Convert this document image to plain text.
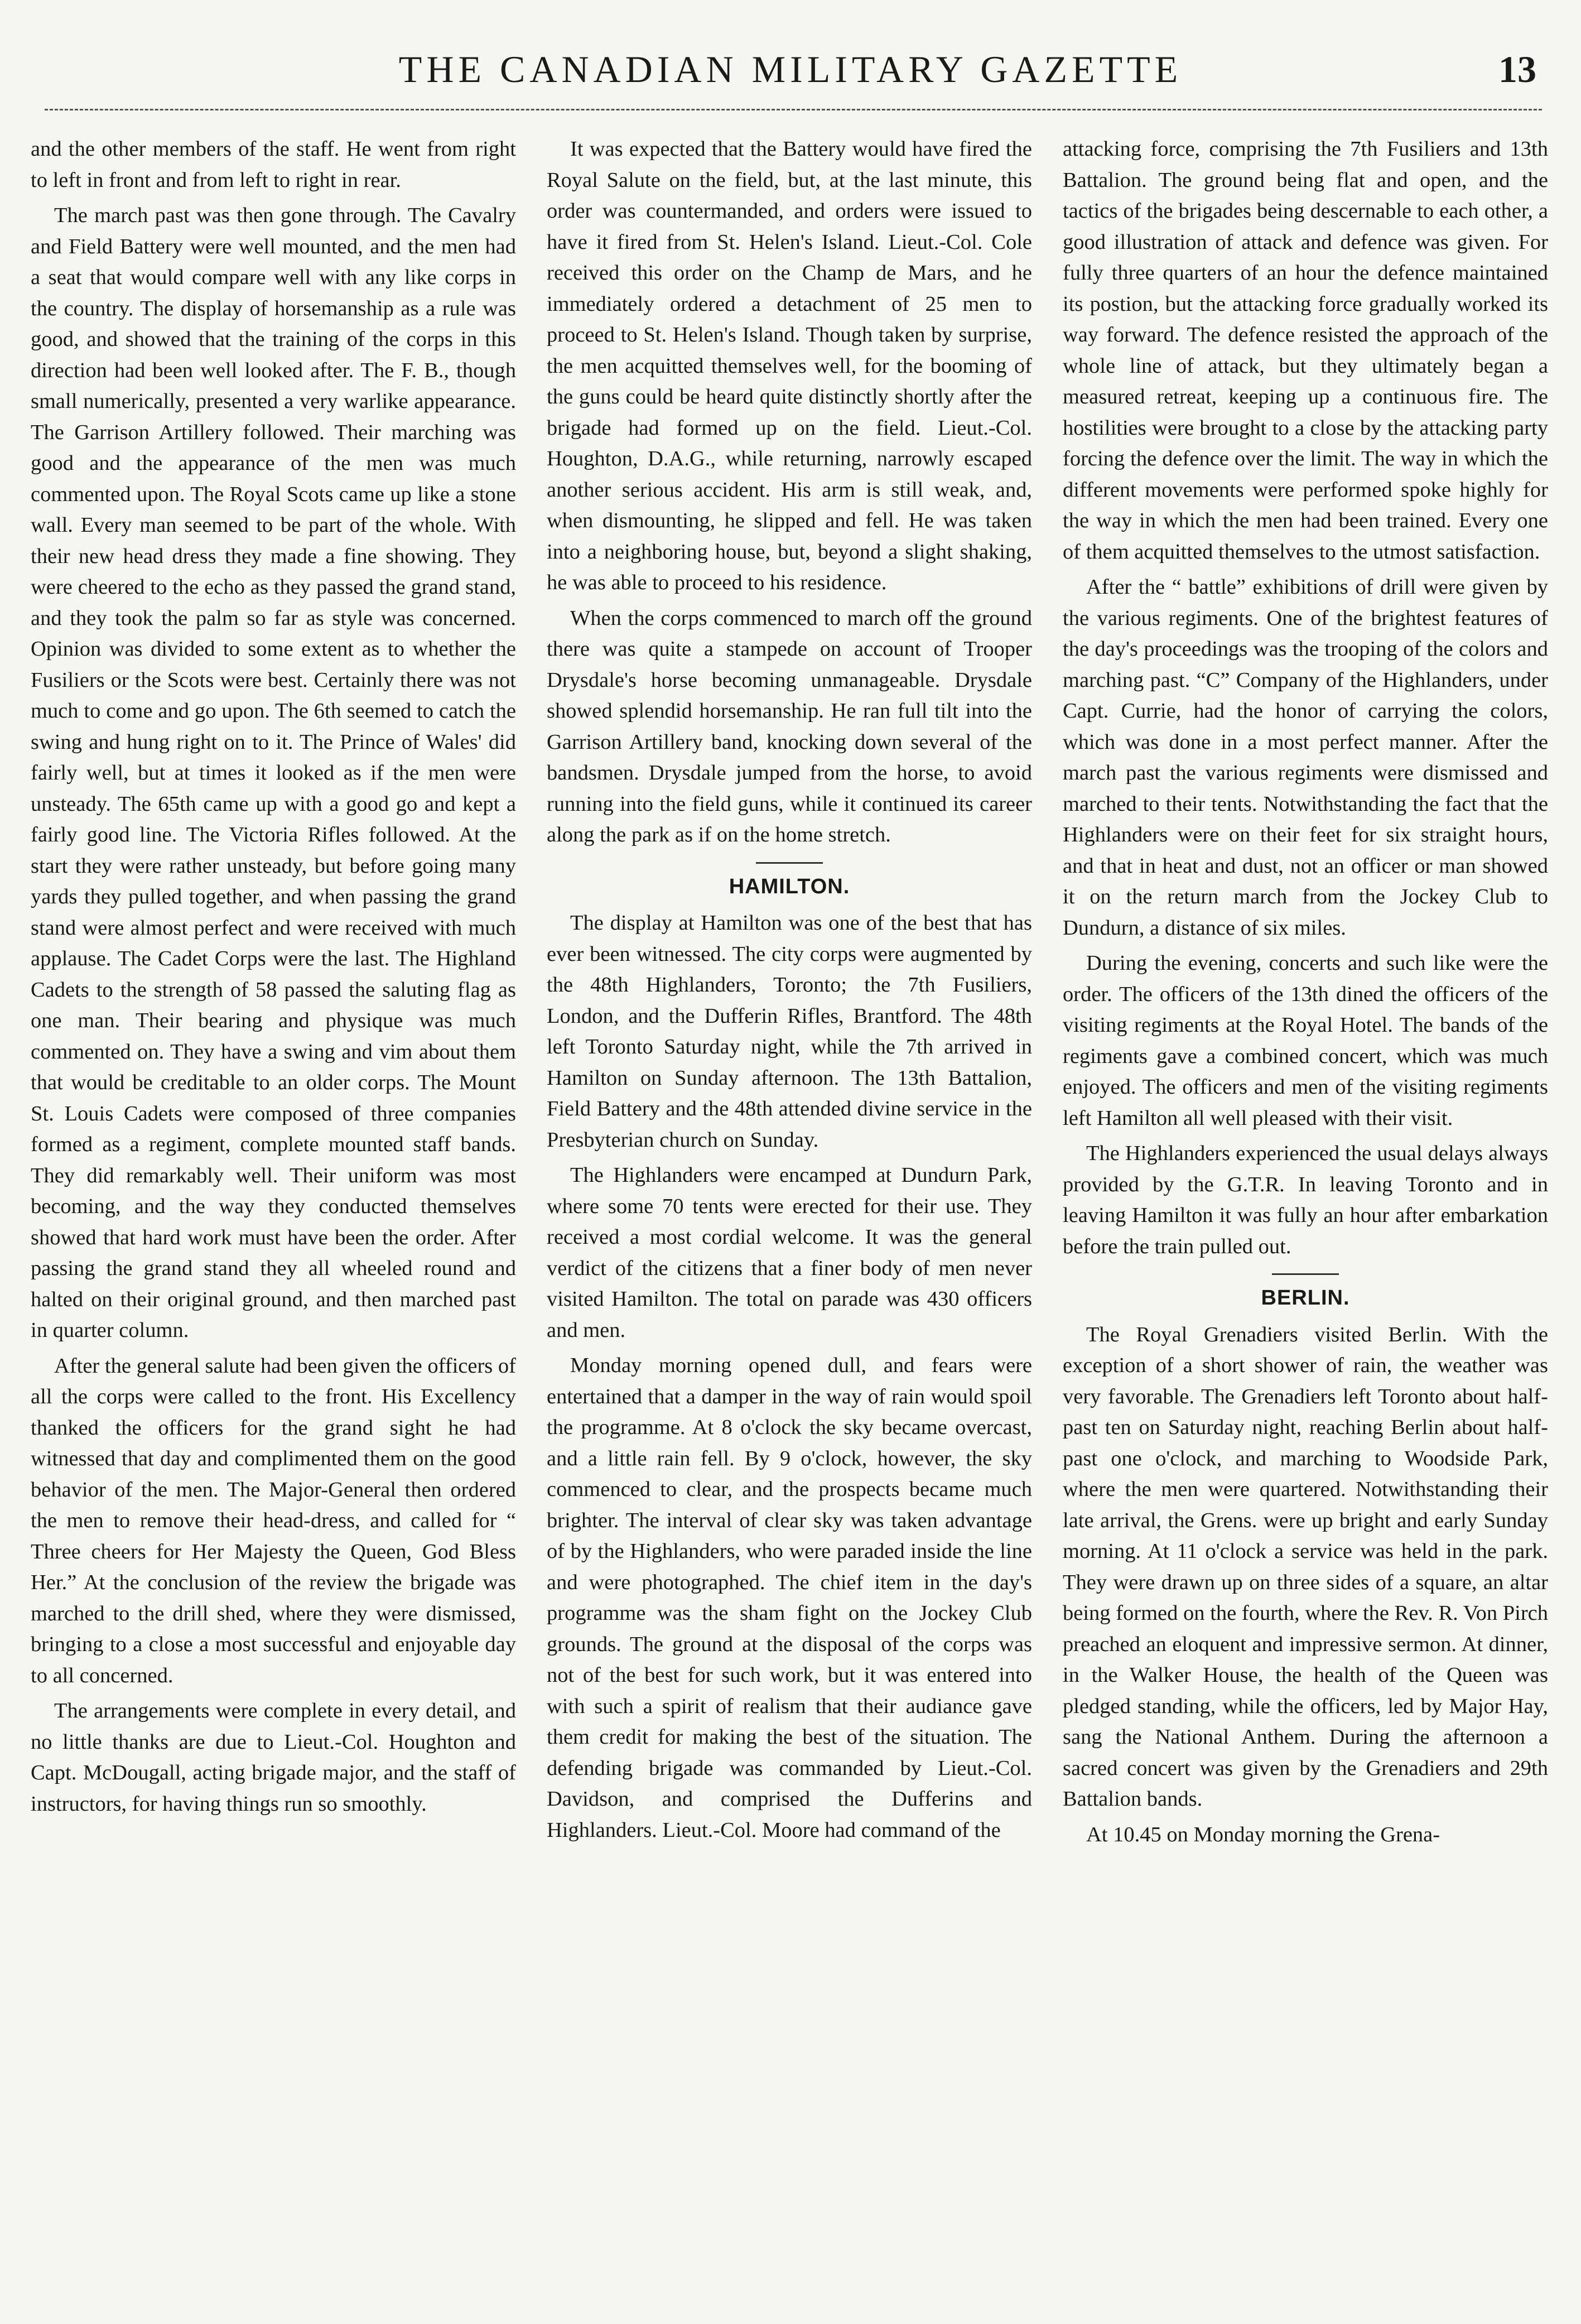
THE CANADIAN MILITARY GAZETTE	13

and the other members of the staff. He went from right to left in front and from left to right in rear.

The march past was then gone through. The Cavalry and Field Battery were well mounted, and the men had a seat that would compare well with any like corps in the country. The display of horsemanship as a rule was good, and showed that the training of the corps in this direction had been well looked after. The F. B., though small numerically, presented a very warlike appearance. The Garrison Artillery followed. Their marching was good and the appearance of the men was much commented upon. The Royal Scots came up like a stone wall. Every man seemed to be part of the whole. With their new head dress they made a fine showing. They were cheered to the echo as they passed the grand stand, and they took the palm so far as style was concerned. Opinion was divided to some extent as to whether the Fusiliers or the Scots were best. Certainly there was not much to come and go upon. The 6th seemed to catch the swing and hung right on to it. The Prince of Wales' did fairly well, but at times it looked as if the men were unsteady. The 65th came up with a good go and kept a fairly good line. The Victoria Rifles followed. At the start they were rather unsteady, but before going many yards they pulled together, and when passing the grand stand were almost perfect and were received with much applause. The Cadet Corps were the last. The Highland Cadets to the strength of 58 passed the saluting flag as one man. Their bearing and physique was much commented on. They have a swing and vim about them that would be creditable to an older corps. The Mount St. Louis Cadets were composed of three companies formed as a regiment, complete mounted staff bands. They did remarkably well. Their uniform was most becoming, and the way they conducted themselves showed that hard work must have been the order. After passing the grand stand they all wheeled round and halted on their original ground, and then marched past in quarter column.

After the general salute had been given the officers of all the corps were called to the front. His Excellency thanked the officers for the grand sight he had witnessed that day and complimented them on the good behavior of the men. The Major-General then ordered the men to remove their head-dress, and called for “ Three cheers for Her Majesty the Queen, God Bless Her.” At the conclusion of the review the brigade was marched to the drill shed, where they were dismissed, bringing to a close a most successful and enjoyable day to all concerned.

The arrangements were complete in every detail, and no little thanks are due to Lieut.-Col. Houghton and Capt. McDougall, acting brigade major, and the staff of instructors, for having things run so smoothly.

It was expected that the Battery would have fired the Royal Salute on the field, but, at the last minute, this order was countermanded, and orders were issued to have it fired from St. Helen's Island. Lieut.-Col. Cole received this order on the Champ de Mars, and he immediately ordered a detachment of 25 men to proceed to St. Helen's Island. Though taken by surprise, the men acquitted themselves well, for the booming of the guns could be heard quite distinctly shortly after the brigade had formed up on the field. Lieut.-Col. Houghton, D.A.G., while returning, narrowly escaped another serious accident. His arm is still weak, and, when dismounting, he slipped and fell. He was taken into a neighboring house, but, beyond a slight shaking, he was able to proceed to his residence.

When the corps commenced to march off the ground there was quite a stampede on account of Trooper Drysdale's horse becoming unmanageable. Drysdale showed splendid horsemanship. He ran full tilt into the Garrison Artillery band, knocking down several of the bandsmen. Drysdale jumped from the horse, to avoid running into the field guns, while it continued its career along the park as if on the home stretch.

HAMILTON.

The display at Hamilton was one of the best that has ever been witnessed. The city corps were augmented by the 48th Highlanders, Toronto; the 7th Fusiliers, London, and the Dufferin Rifles, Brantford. The 48th left Toronto Saturday night, while the 7th arrived in Hamilton on Sunday afternoon. The 13th Battalion, Field Battery and the 48th attended divine service in the Presbyterian church on Sunday.

The Highlanders were encamped at Dundurn Park, where some 70 tents were erected for their use. They received a most cordial welcome. It was the general verdict of the citizens that a finer body of men never visited Hamilton. The total on parade was 430 officers and men.

Monday morning opened dull, and fears were entertained that a damper in the way of rain would spoil the programme. At 8 o'clock the sky became overcast, and a little rain fell. By 9 o'clock, however, the sky commenced to clear, and the prospects became much brighter. The interval of clear sky was taken advantage of by the Highlanders, who were paraded inside the line and were photographed. The chief item in the day's programme was the sham fight on the Jockey Club grounds. The ground at the disposal of the corps was not of the best for such work, but it was entered into with such a spirit of realism that their audiance gave them credit for making the best of the situation. The defending brigade was commanded by Lieut.-Col. Davidson, and comprised the Dufferins and Highlanders. Lieut.-Col. Moore had command of the

attacking force, comprising the 7th Fusiliers and 13th Battalion. The ground being flat and open, and the tactics of the brigades being descernable to each other, a good illustration of attack and defence was given. For fully three quarters of an hour the defence maintained its postion, but the attacking force gradually worked its way forward. The defence resisted the approach of the whole line of attack, but they ultimately began a measured retreat, keeping up a continuous fire. The hostilities were brought to a close by the attacking party forcing the defence over the limit. The way in which the different movements were performed spoke highly for the way in which the men had been trained. Every one of them acquitted themselves to the utmost satisfaction.

After the “ battle” exhibitions of drill were given by the various regiments. One of the brightest features of the day's proceedings was the trooping of the colors and marching past. “C” Company of the Highlanders, under Capt. Currie, had the honor of carrying the colors, which was done in a most perfect manner. After the march past the various regiments were dismissed and marched to their tents. Notwithstanding the fact that the Highlanders were on their feet for six straight hours, and that in heat and dust, not an officer or man showed it on the return march from the Jockey Club to Dundurn, a distance of six miles.

During the evening, concerts and such like were the order. The officers of the 13th dined the officers of the visiting regiments at the Royal Hotel. The bands of the regiments gave a combined concert, which was much enjoyed. The officers and men of the visiting regiments left Hamilton all well pleased with their visit.

The Highlanders experienced the usual delays always provided by the G.T.R. In leaving Toronto and in leaving Hamilton it was fully an hour after embarkation before the train pulled out.

BERLIN.

The Royal Grenadiers visited Berlin. With the exception of a short shower of rain, the weather was very favorable. The Grenadiers left Toronto about half-past ten on Saturday night, reaching Berlin about half-past one o'clock, and marching to Woodside Park, where the men were quartered. Notwithstanding their late arrival, the Grens. were up bright and early Sunday morning. At 11 o'clock a service was held in the park. They were drawn up on three sides of a square, an altar being formed on the fourth, where the Rev. R. Von Pirch preached an eloquent and impressive sermon. At dinner, in the Walker House, the health of the Queen was pledged standing, while the officers, led by Major Hay, sang the National Anthem. During the afternoon a sacred concert was given by the Grenadiers and 29th Battalion bands.

At 10.45 on Monday morning the Grena-
